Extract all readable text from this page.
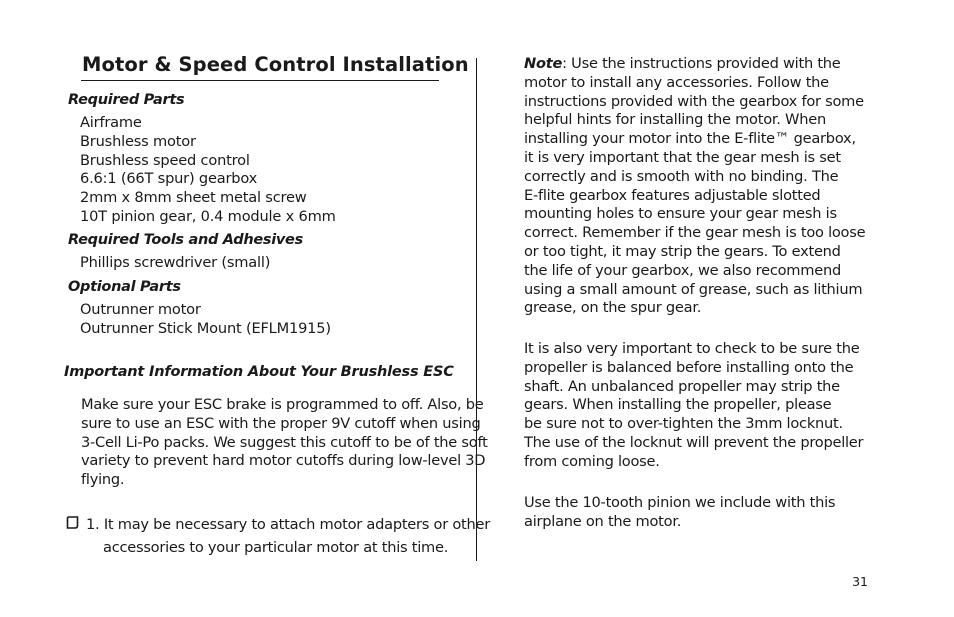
Motor & Speed Control Installation
Required Parts
Airframe
Brushless motor
Brushless speed control
6.6:1 (66T spur) gearbox
2mm x 8mm sheet metal screw
10T pinion gear, 0.4 module x 6mm
Required Tools and Adhesives
Phillips screwdriver (small)
Optional Parts
Outrunner motor
Outrunner Stick Mount (EFLM1915)
Important Information About Your Brushless ESC
Make sure your ESC brake is programmed to off. Also, be
sure to use an ESC with the proper 9V cutoff when using
3-Cell Li-Po packs. We suggest this cutoff to be of the soft
variety to prevent hard motor cutoffs during low-level 3D
flying.
1. It may be necessary to attach motor adapters or other
accessories to your particular motor at this time.
Note: Use the instructions provided with the
motor to install any accessories. Follow the
instructions provided with the gearbox for some
helpful hints for installing the motor. When
installing your motor into the E-flite™ gearbox,
it is very important that the gear mesh is set
correctly and is smooth with no binding. The
E-flite gearbox features adjustable slotted
mounting holes to ensure your gear mesh is
correct. Remember if the gear mesh is too loose
or too tight, it may strip the gears. To extend
the life of your gearbox, we also recommend
using a small amount of grease, such as lithium
grease, on the spur gear.
It is also very important to check to be sure the
propeller is balanced before installing onto the
shaft. An unbalanced propeller may strip the
gears. When installing the propeller, please
be sure not to over-tighten the 3mm locknut.
The use of the locknut will prevent the propeller
from coming loose.
Use the 10-tooth pinion we include with this
airplane on the motor.
31
